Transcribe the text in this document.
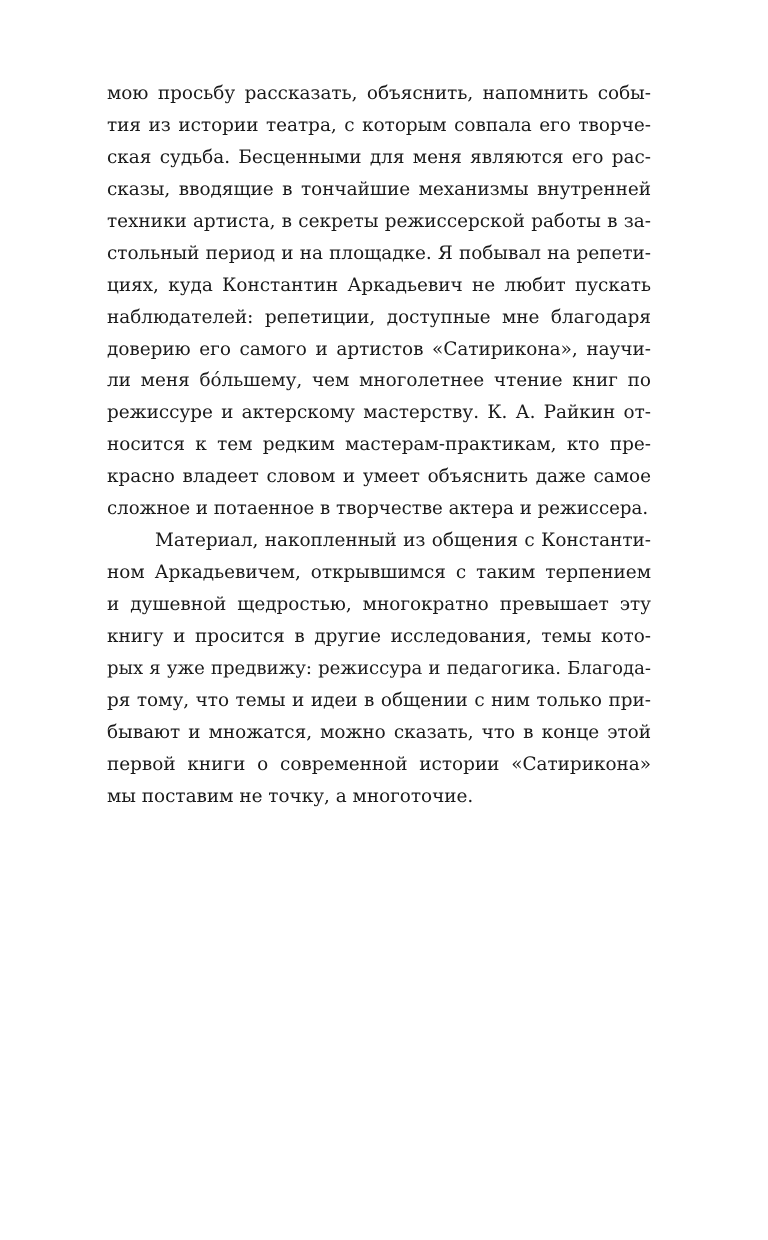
мою просьбу рассказать, объяснить, напомнить собы-
тия из истории театра, с которым совпала его творче-
ская судьба. Бесценными для меня являются его рас-
сказы, вводящие в тончайшие механизмы внутренней
техники артиста, в секреты режиссерской работы в за-
стольный период и на площадке. Я побывал на репети-
циях, куда Константин Аркадьевич не любит пускать
наблюдателей: репетиции, доступные мне благодаря
доверию его самого и артистов «Сатирикона», научи-
ли меня бóльшему, чем многолетнее чтение книг по
режиссуре и актерскому мастерству. К. А. Райкин от-
носится к тем редким мастерам-практикам, кто пре-
красно владеет словом и умеет объяснить даже самое
сложное и потаенное в творчестве актера и режиссера.
Материал, накопленный из общения с Константи-
ном Аркадьевичем, открывшимся с таким терпением
и душевной щедростью, многократно превышает эту
книгу и просится в другие исследования, темы кото-
рых я уже предвижу: режиссура и педагогика. Благода-
ря тому, что темы и идеи в общении с ним только при-
бывают и множатся, можно сказать, что в конце этой
первой книги о современной истории «Сатирикона»
мы поставим не точку, а многоточие.
